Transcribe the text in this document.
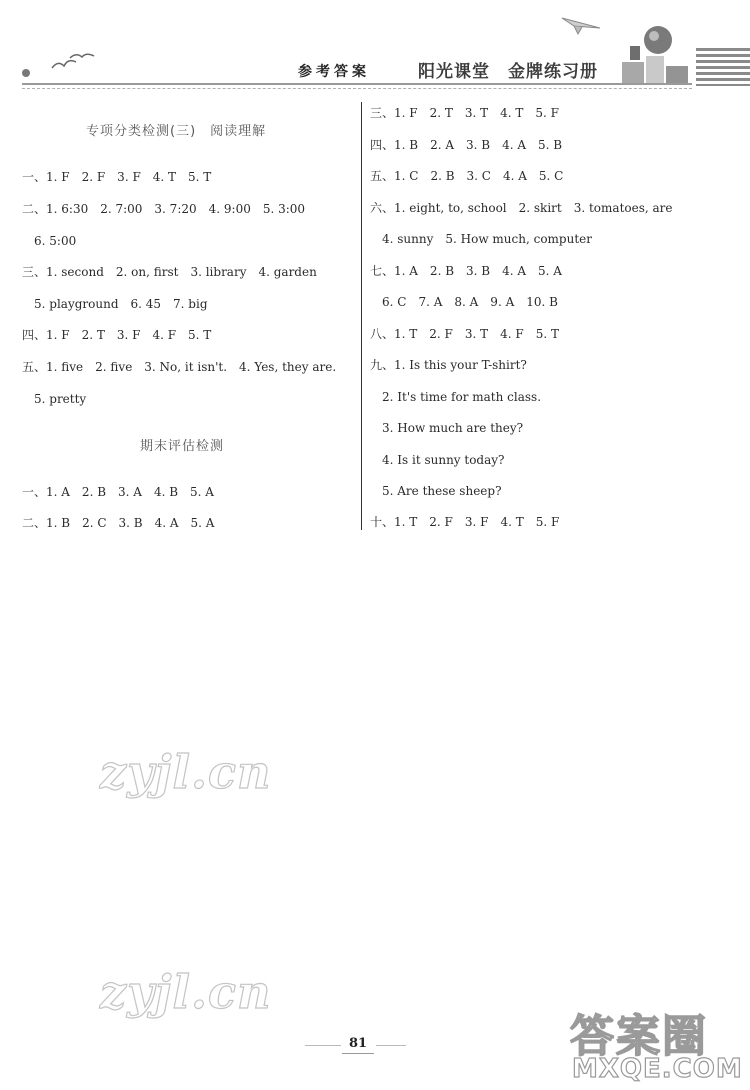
参考答案	阳光课堂 金牌练习册
专项分类检测(三)　阅读理解
一、1. F　2. F　3. F　4. T　5. T
二、1. 6:30　2. 7:00　3. 7:20　4. 9:00　5. 3:00
　6. 5:00
三、1. second　2. on, first　3. library　4. garden
　5. playground　6. 45　7. big
四、1. F　2. T　3. F　4. F　5. T
五、1. five　2. five　3. No, it isn't.　4. Yes, they are.
　5. pretty
期末评估检测
一、1. A　2. B　3. A　4. B　5. A
二、1. B　2. C　3. B　4. A　5. A
三、1. F　2. T　3. T　4. T　5. F
四、1. B　2. A　3. B　4. A　5. B
五、1. C　2. B　3. C　4. A　5. C
六、1. eight, to, school　2. skirt　3. tomatoes, are
　4. sunny　5. How much, computer
七、1. A　2. B　3. B　4. A　5. A
　6. C　7. A　8. A　9. A　10. B
八、1. T　2. F　3. T　4. F　5. T
九、1. Is this your T-shirt?
　2. It's time for math class.
　3. How much are they?
　4. Is it sunny today?
　5. Are these sheep?
十、1. T　2. F　3. F　4. T　5. F
zyjl.cn
zyjl.cn
81	答案圈
MXQE.COM
